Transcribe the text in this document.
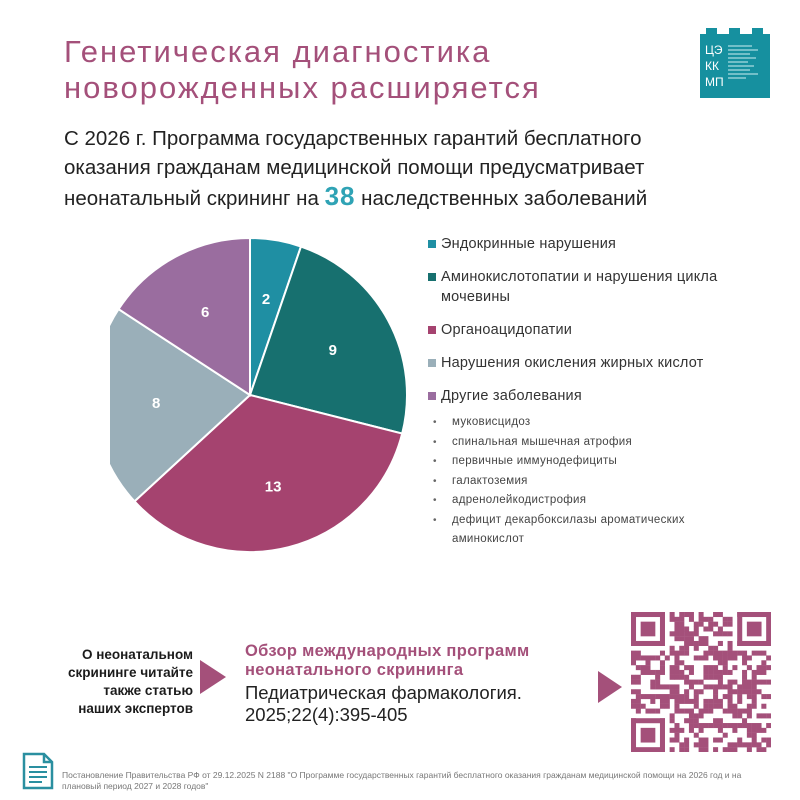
Генетическая диагностика
новорожденных расширяется
ЦЭ
КК
МП
С 2026 г. Программа государственных гарантий бесплатного
оказания гражданам медицинской помощи предусматривает
неонатальный скрининг на 38 наследственных заболеваний
2
9
13
8
6
Эндокринные нарушения
Аминокислотопатии и нарушения цикла мочевины
Органоацидопатии
Нарушения окисления жирных кислот
Другие заболевания
• муковисцидоз
• спинальная мышечная атрофия
• первичные иммунодефициты
• галактоземия
• адренолейкодистрофия
• дефицит декарбоксилазы ароматических аминокислот
О неонатальном
скрининге читайте
также статью
наших экспертов
Обзор международных программ
неонатального скрининга
Педиатрическая фармакология.
2025;22(4):395-405
Постановление Правительства РФ от 29.12.2025 N 2188 "О Программе государственных гарантий бесплатного оказания гражданам медицинской помощи на 2026 год и на плановый период 2027 и 2028 годов"
